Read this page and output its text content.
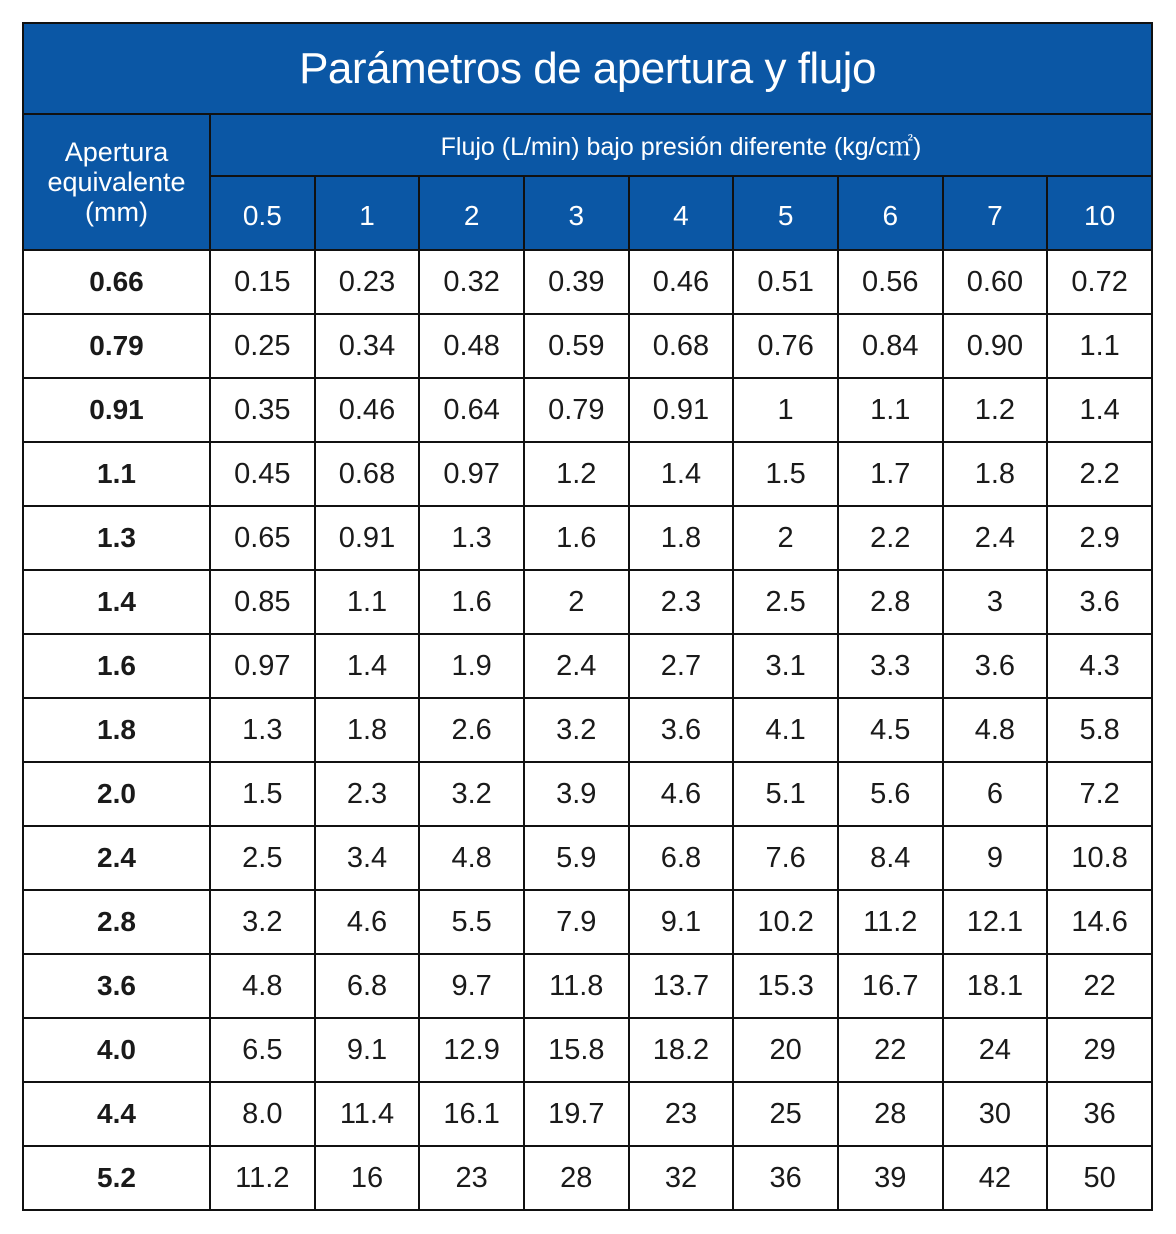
Parámetros de apertura y flujo									

Apertura
equivalente
(mm)	Flujo (L/min) bajo presión diferente (kg/c㎡)								
	0.5	1	2	3	4	5	6	7	10
0.66	0.15	0.23	0.32	0.39	0.46	0.51	0.56	0.60	0.72
0.79	0.25	0.34	0.48	0.59	0.68	0.76	0.84	0.90	1.1
0.91	0.35	0.46	0.64	0.79	0.91	1	1.1	1.2	1.4
1.1	0.45	0.68	0.97	1.2	1.4	1.5	1.7	1.8	2.2
1.3	0.65	0.91	1.3	1.6	1.8	2	2.2	2.4	2.9
1.4	0.85	1.1	1.6	2	2.3	2.5	2.8	3	3.6
1.6	0.97	1.4	1.9	2.4	2.7	3.1	3.3	3.6	4.3
1.8	1.3	1.8	2.6	3.2	3.6	4.1	4.5	4.8	5.8
2.0	1.5	2.3	3.2	3.9	4.6	5.1	5.6	6	7.2
2.4	2.5	3.4	4.8	5.9	6.8	7.6	8.4	9	10.8
2.8	3.2	4.6	5.5	7.9	9.1	10.2	11.2	12.1	14.6
3.6	4.8	6.8	9.7	11.8	13.7	15.3	16.7	18.1	22
4.0	6.5	9.1	12.9	15.8	18.2	20	22	24	29
4.4	8.0	11.4	16.1	19.7	23	25	28	30	36
5.2	11.2	16	23	28	32	36	39	42	50
